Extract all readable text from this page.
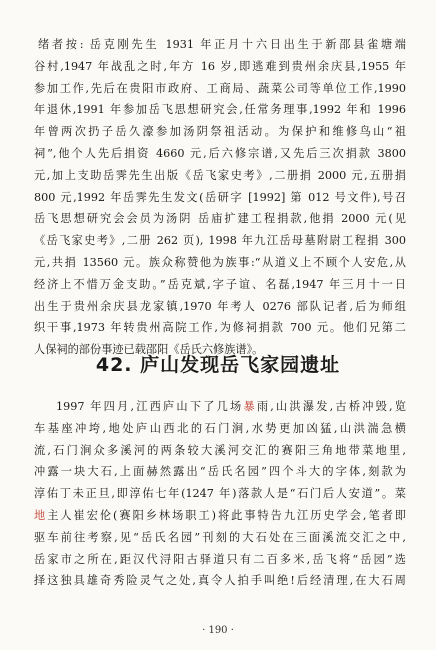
绪者按: 岳克刚先生 1931 年正月十六日出生于新邵县雀塘端
谷村,1947 年战乱之时,年方 16 岁,即逃难到贵州余庆县,1955 年
参加工作,先后在贵阳市政府、工商局、蔬菜公司等单位工作,1990
年退休,1991 年参加岳飞思想研究会,任常务理事,1992 年和 1996
年曾两次扔子岳久濠参加汤阴祭祖活动。为保护和维修鸟山“祖
祠”,他个人先后捐资 4660 元,后六修宗谱,又先后三次捐款 3800
元,加上支助岳霁先生出版《岳飞家史考》,二册捐 2000 元,五册捐
800 元,1992 年岳霁先生发文(岳研字 [1992] 第 012 号文件),号召
岳飞思想研究会会员为汤阴 岳庙扩建工程捐款,他捐 2000 元(见
《岳飞家史考》,二册 262 页), 1998 年九江岳母墓附尉工程捐 300
元,共捐 13560 元。族众称赞他为族事:“从道义上不顾个人安危,从
经济上不惜万金支助。”岳克斌,字子谊、名磊,1947 年三月十一日
出生于贵州余庆县龙家镇,1970 年考人 0276 部队记者,后为师组
织干事,1973 年转贵州高院工作,为修祠捐款 700 元。他们兄第二
人保祠的部份事迹已载邵阳《岳氏六修族谱》。
42. 庐山发现岳飞家园遗址
1997 年四月,江西庐山下了几场暴雨,山洪瀑发,古桥冲毁,览
车基座冲垮,地处庐山西北的石门涧,水势更加凶猛,山洪湍急横
流,石门涧众多溪河的两条较大溪河交汇的赛阳三角地带菜地里,
冲露一块大石,上面赫然露出“岳氏名园”四个斗大的字体,刻款为
淳佑丁未正旦,即淳佑七年(1247 年)落款人是“石门后人安道”。菜
地主人崔宏伦(赛阳乡林场职工)将此事特告九江历史学会,笔者即
驱车前往考察,见“岳氏名园”刊刻的大石处在三面溪流交汇之中,
岳家市之所在,距汉代浔阳古驿道只有二百多米,岳飞将“岳园”选
择这独具雄奇秀险灵气之处,真令人拍手叫绝!后经清理,在大石周
· 190 ·
